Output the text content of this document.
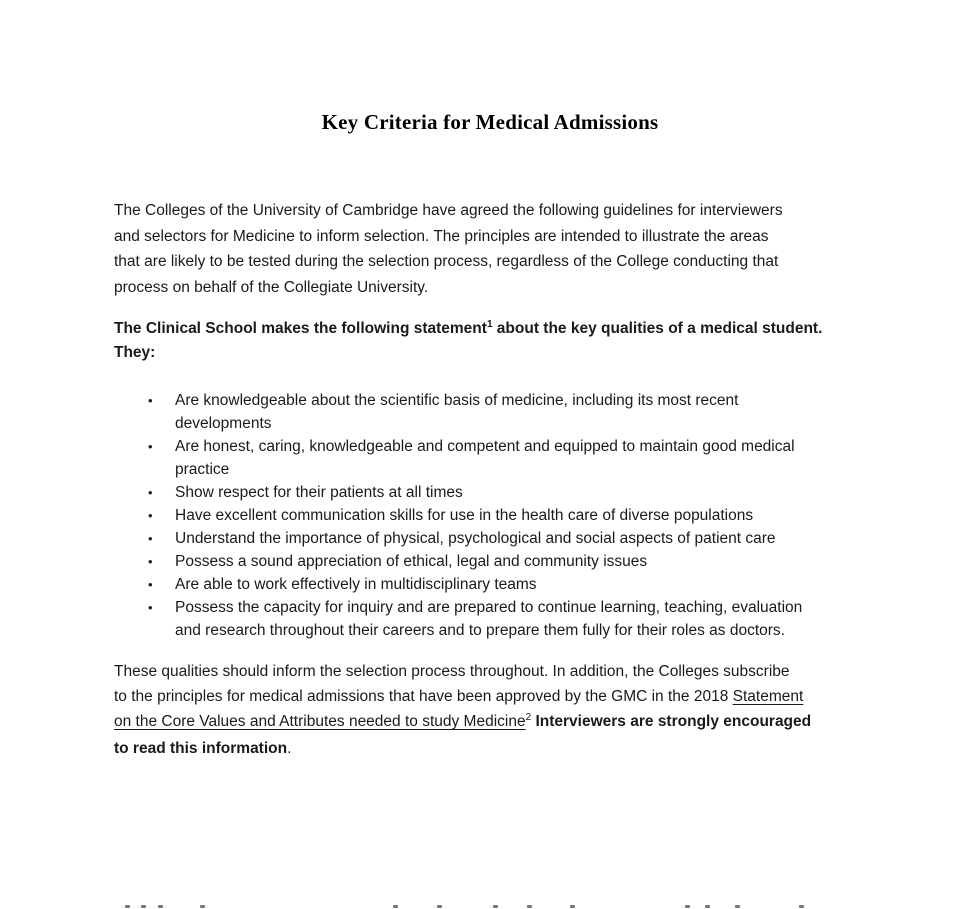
Key Criteria for Medical Admissions
The Colleges of the University of Cambridge have agreed the following guidelines for interviewers
and selectors for Medicine to inform selection. The principles are intended to illustrate the areas
that are likely to be tested during the selection process, regardless of the College conducting that
process on behalf of the Collegiate University.
The Clinical School makes the following statement$^1$ about the key qualities of a medical student.
They:
•	Are knowledgeable about the scientific basis of medicine, including its most recent
developments
•	Are honest, caring, knowledgeable and competent and equipped to maintain good medical
practice
•	Show respect for their patients at all times
•	Have excellent communication skills for use in the health care of diverse populations
•	Understand the importance of physical, psychological and social aspects of patient care
•	Possess a sound appreciation of ethical, legal and community issues
•	Are able to work effectively in multidisciplinary teams
•	Possess the capacity for inquiry and are prepared to continue learning, teaching, evaluation
and research throughout their careers and to prepare them fully for their roles as doctors.
These qualities should inform the selection process throughout. In addition, the Colleges subscribe
to the principles for medical admissions that have been approved by the GMC in the 2018 Statement
on the Core Values and Attributes needed to study Medicine$^2$ Interviewers are strongly encouraged
to read this information.
